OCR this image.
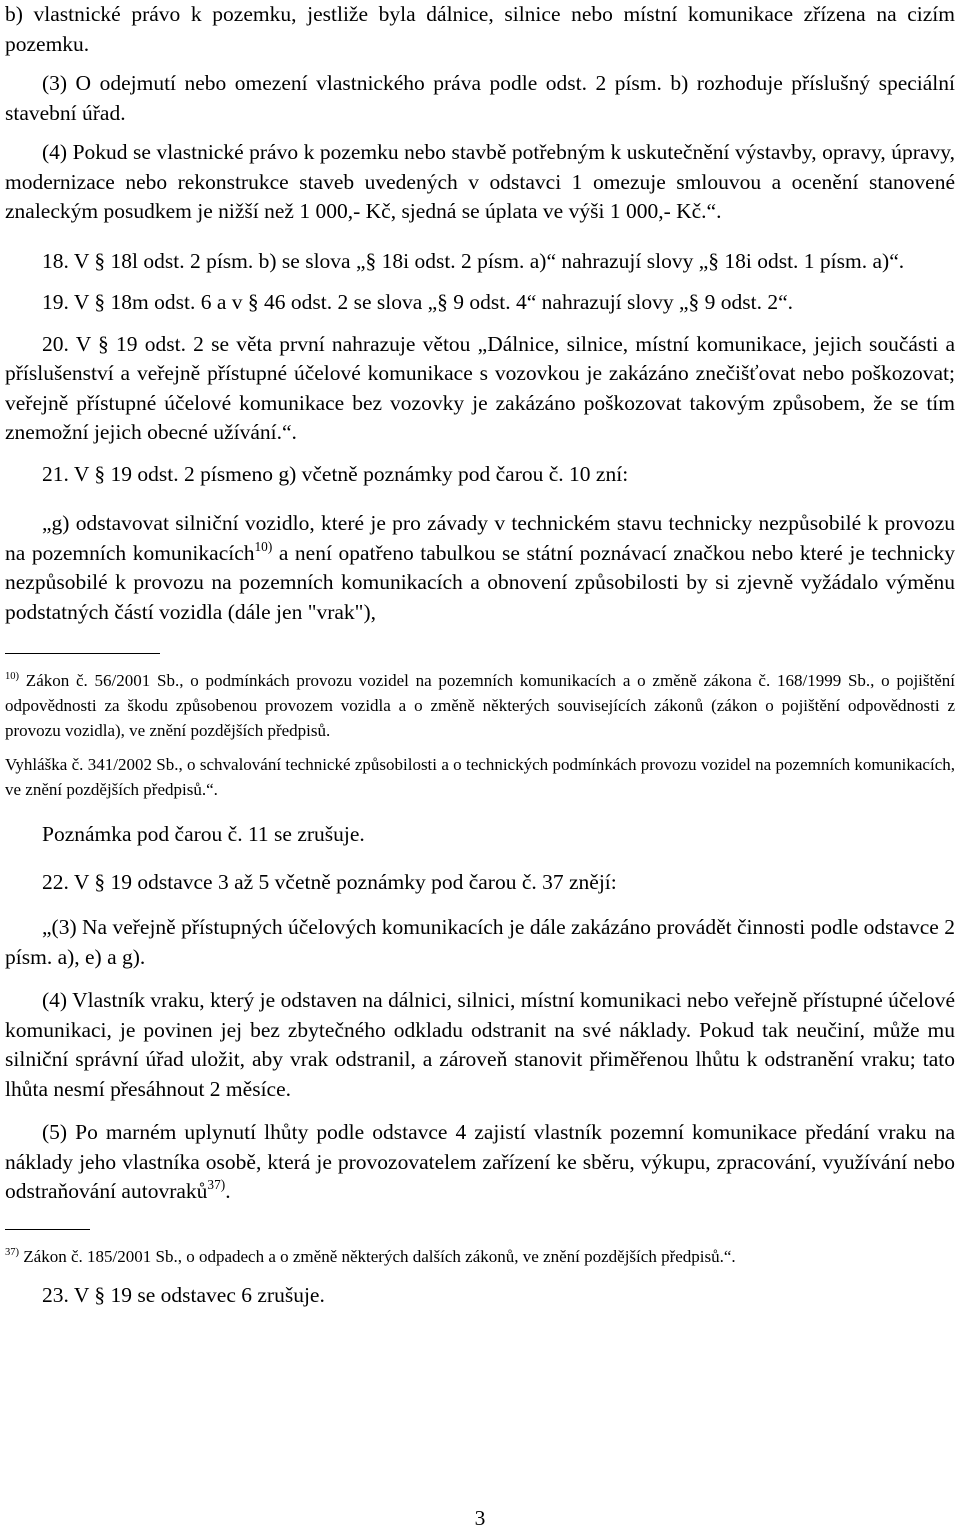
b) vlastnické právo k pozemku, jestliže byla dálnice, silnice nebo místní komunikace zřízena na cizím pozemku.

(3) O odejmutí nebo omezení vlastnického práva podle odst. 2 písm. b) rozhoduje příslušný speciální stavební úřad.

(4) Pokud se vlastnické právo k pozemku nebo stavbě potřebným k uskutečnění výstavby, opravy, úpravy, modernizace nebo rekonstrukce staveb uvedených v odstavci 1 omezuje smlouvou a ocenění stanovené znaleckým posudkem je nižší než 1 000,- Kč, sjedná se úplata ve výši 1 000,- Kč.“.

18. V § 18l odst. 2 písm. b) se slova „§ 18i odst. 2 písm. a)“ nahrazují slovy „§ 18i odst. 1 písm. a)“.

19. V § 18m odst. 6 a v § 46 odst. 2 se slova „§ 9 odst. 4“ nahrazují slovy „§ 9 odst. 2“.

20. V § 19 odst. 2 se věta první nahrazuje větou „Dálnice, silnice, místní komunikace, jejich součásti a příslušenství a veřejně přístupné účelové komunikace s vozovkou je zakázáno znečišťovat nebo poškozovat; veřejně přístupné účelové komunikace bez vozovky je zakázáno poškozovat takovým způsobem, že se tím znemožní jejich obecné užívání.“.

21. V § 19 odst. 2 písmeno g) včetně poznámky pod čarou č. 10 zní:

„g) odstavovat silniční vozidlo, které je pro závady v technickém stavu technicky nezpůsobilé k provozu na pozemních komunikacích$^{10)}$ a není opatřeno tabulkou se státní poznávací značkou nebo které je technicky nezpůsobilé k provozu na pozemních komunikacích a obnovení způsobilosti by si zjevně vyžádalo výměnu podstatných částí vozidla (dále jen "vrak"),

$^{10)}$ Zákon č. 56/2001 Sb., o podmínkách provozu vozidel na pozemních komunikacích a o změně zákona č. 168/1999 Sb., o pojištění odpovědnosti za škodu způsobenou provozem vozidla a o změně některých souvisejících zákonů (zákon o pojištění odpovědnosti z provozu vozidla), ve znění pozdějších předpisů.

Vyhláška č. 341/2002 Sb., o schvalování technické způsobilosti a o technických podmínkách provozu vozidel na pozemních komunikacích, ve znění pozdějších předpisů.“.

Poznámka pod čarou č. 11 se zrušuje.

22. V § 19 odstavce 3 až 5 včetně poznámky pod čarou č. 37 znějí:

„(3) Na veřejně přístupných účelových komunikacích je dále zakázáno provádět činnosti podle odstavce 2 písm. a), e) a g).

(4) Vlastník vraku, který je odstaven na dálnici, silnici, místní komunikaci nebo veřejně přístupné účelové komunikaci, je povinen jej bez zbytečného odkladu odstranit na své náklady. Pokud tak neučiní, může mu silniční správní úřad uložit, aby vrak odstranil, a zároveň stanovit přiměřenou lhůtu k odstranění vraku; tato lhůta nesmí přesáhnout 2 měsíce.

(5) Po marném uplynutí lhůty podle odstavce 4 zajistí vlastník pozemní komunikace předání vraku na náklady jeho vlastníka osobě, která je provozovatelem zařízení ke sběru, výkupu, zpracování, využívání nebo odstraňování autovraků$^{37)}$.

$^{37)}$ Zákon č. 185/2001 Sb., o odpadech a o změně některých dalších zákonů, ve znění pozdějších předpisů.“.

23. V § 19 se odstavec 6 zrušuje.

3
